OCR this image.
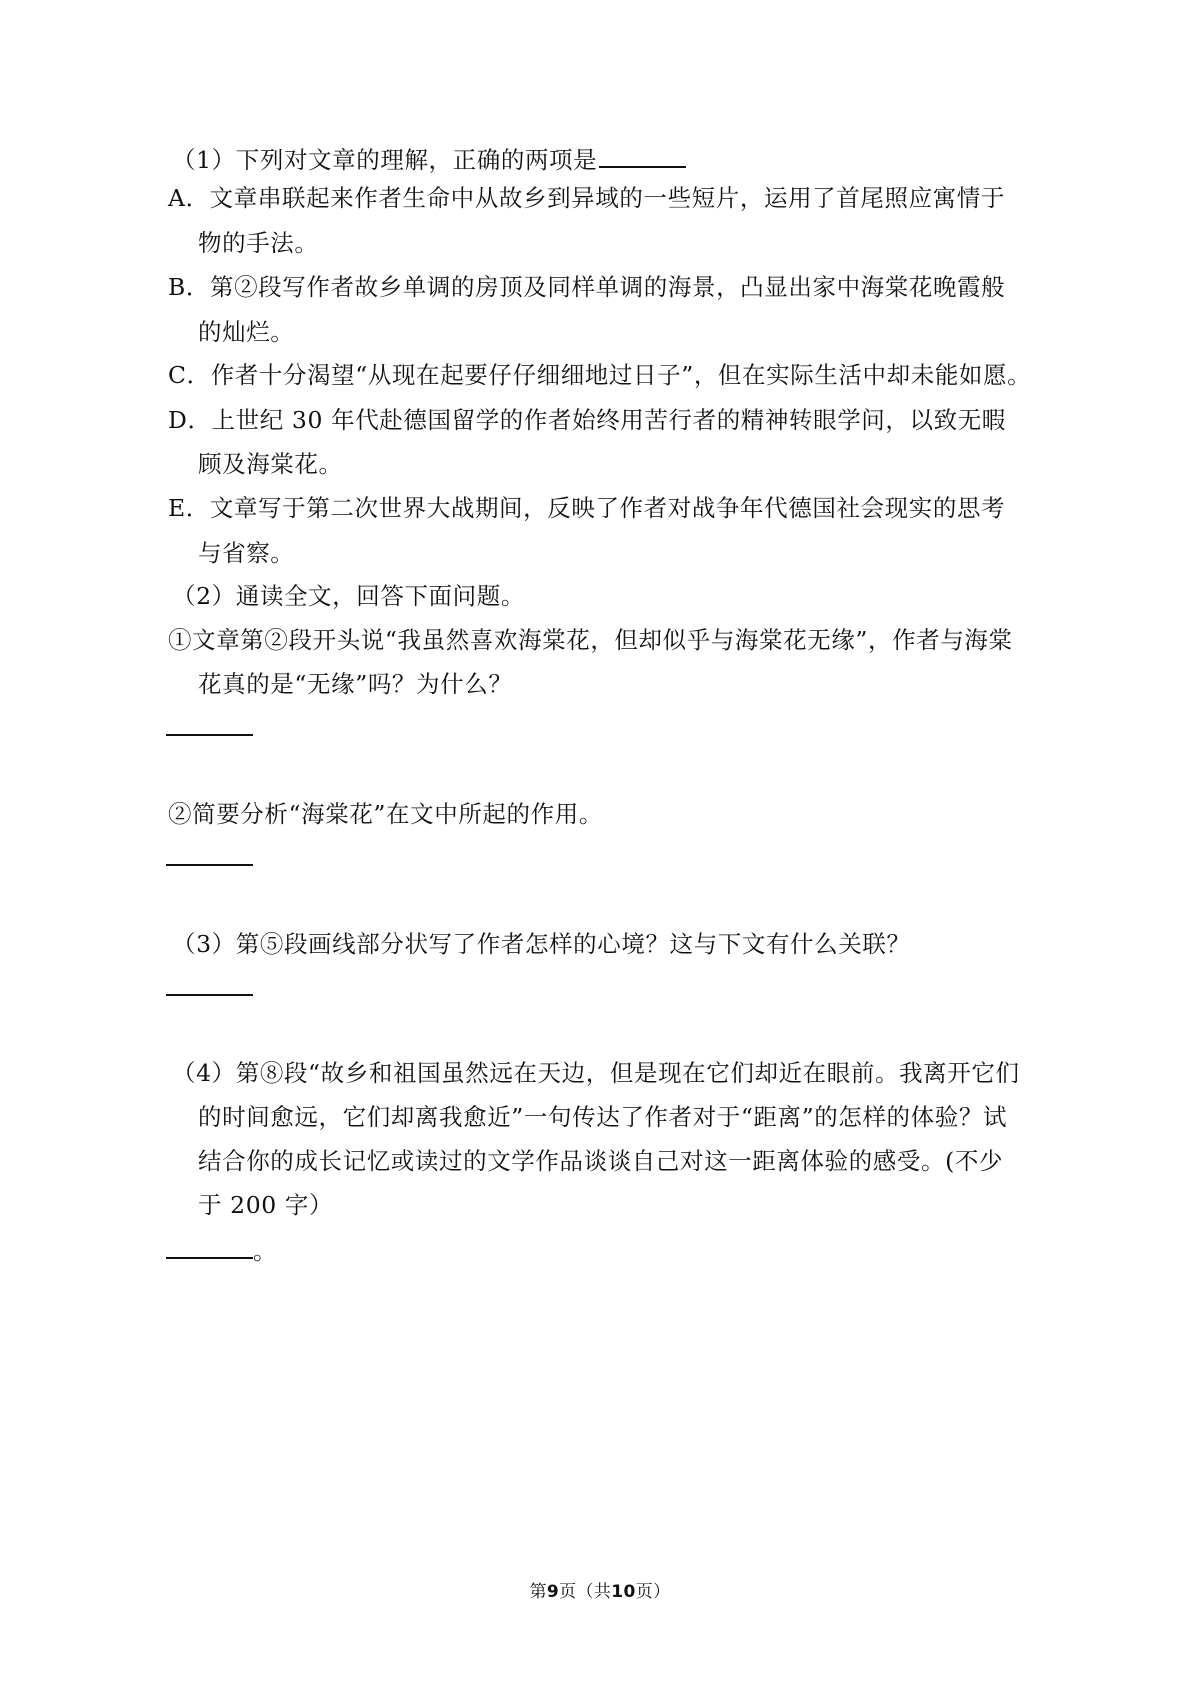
（1）下列对文章的理解，正确的两项是
A．文章串联起来作者生命中从故乡到异域的一些短片，运用了首尾照应寓情于
物的手法。
B．第②段写作者故乡单调的房顶及同样单调的海景，凸显出家中海棠花晚霞般
的灿烂。
C．作者十分渴望“从现在起要仔仔细细地过日子”，但在实际生活中却未能如愿。
D．上世纪 30 年代赴德国留学的作者始终用苦行者的精神转眼学问，以致无暇
顾及海棠花。
E．文章写于第二次世界大战期间，反映了作者对战争年代德国社会现实的思考
与省察。
（2）通读全文，回答下面问题。
①文章第②段开头说“我虽然喜欢海棠花，但却似乎与海棠花无缘”，作者与海棠
花真的是“无缘”吗？为什么？
②简要分析“海棠花”在文中所起的作用。
（3）第⑤段画线部分状写了作者怎样的心境？这与下文有什么关联？
（4）第⑧段“故乡和祖国虽然远在天边，但是现在它们却近在眼前。我离开它们
的时间愈远，它们却离我愈近”一句传达了作者对于“距离”的怎样的体验？试
结合你的成长记忆或读过的文学作品谈谈自己对这一距离体验的感受。(不少
于 200 字）
。
第9页（共10页）
